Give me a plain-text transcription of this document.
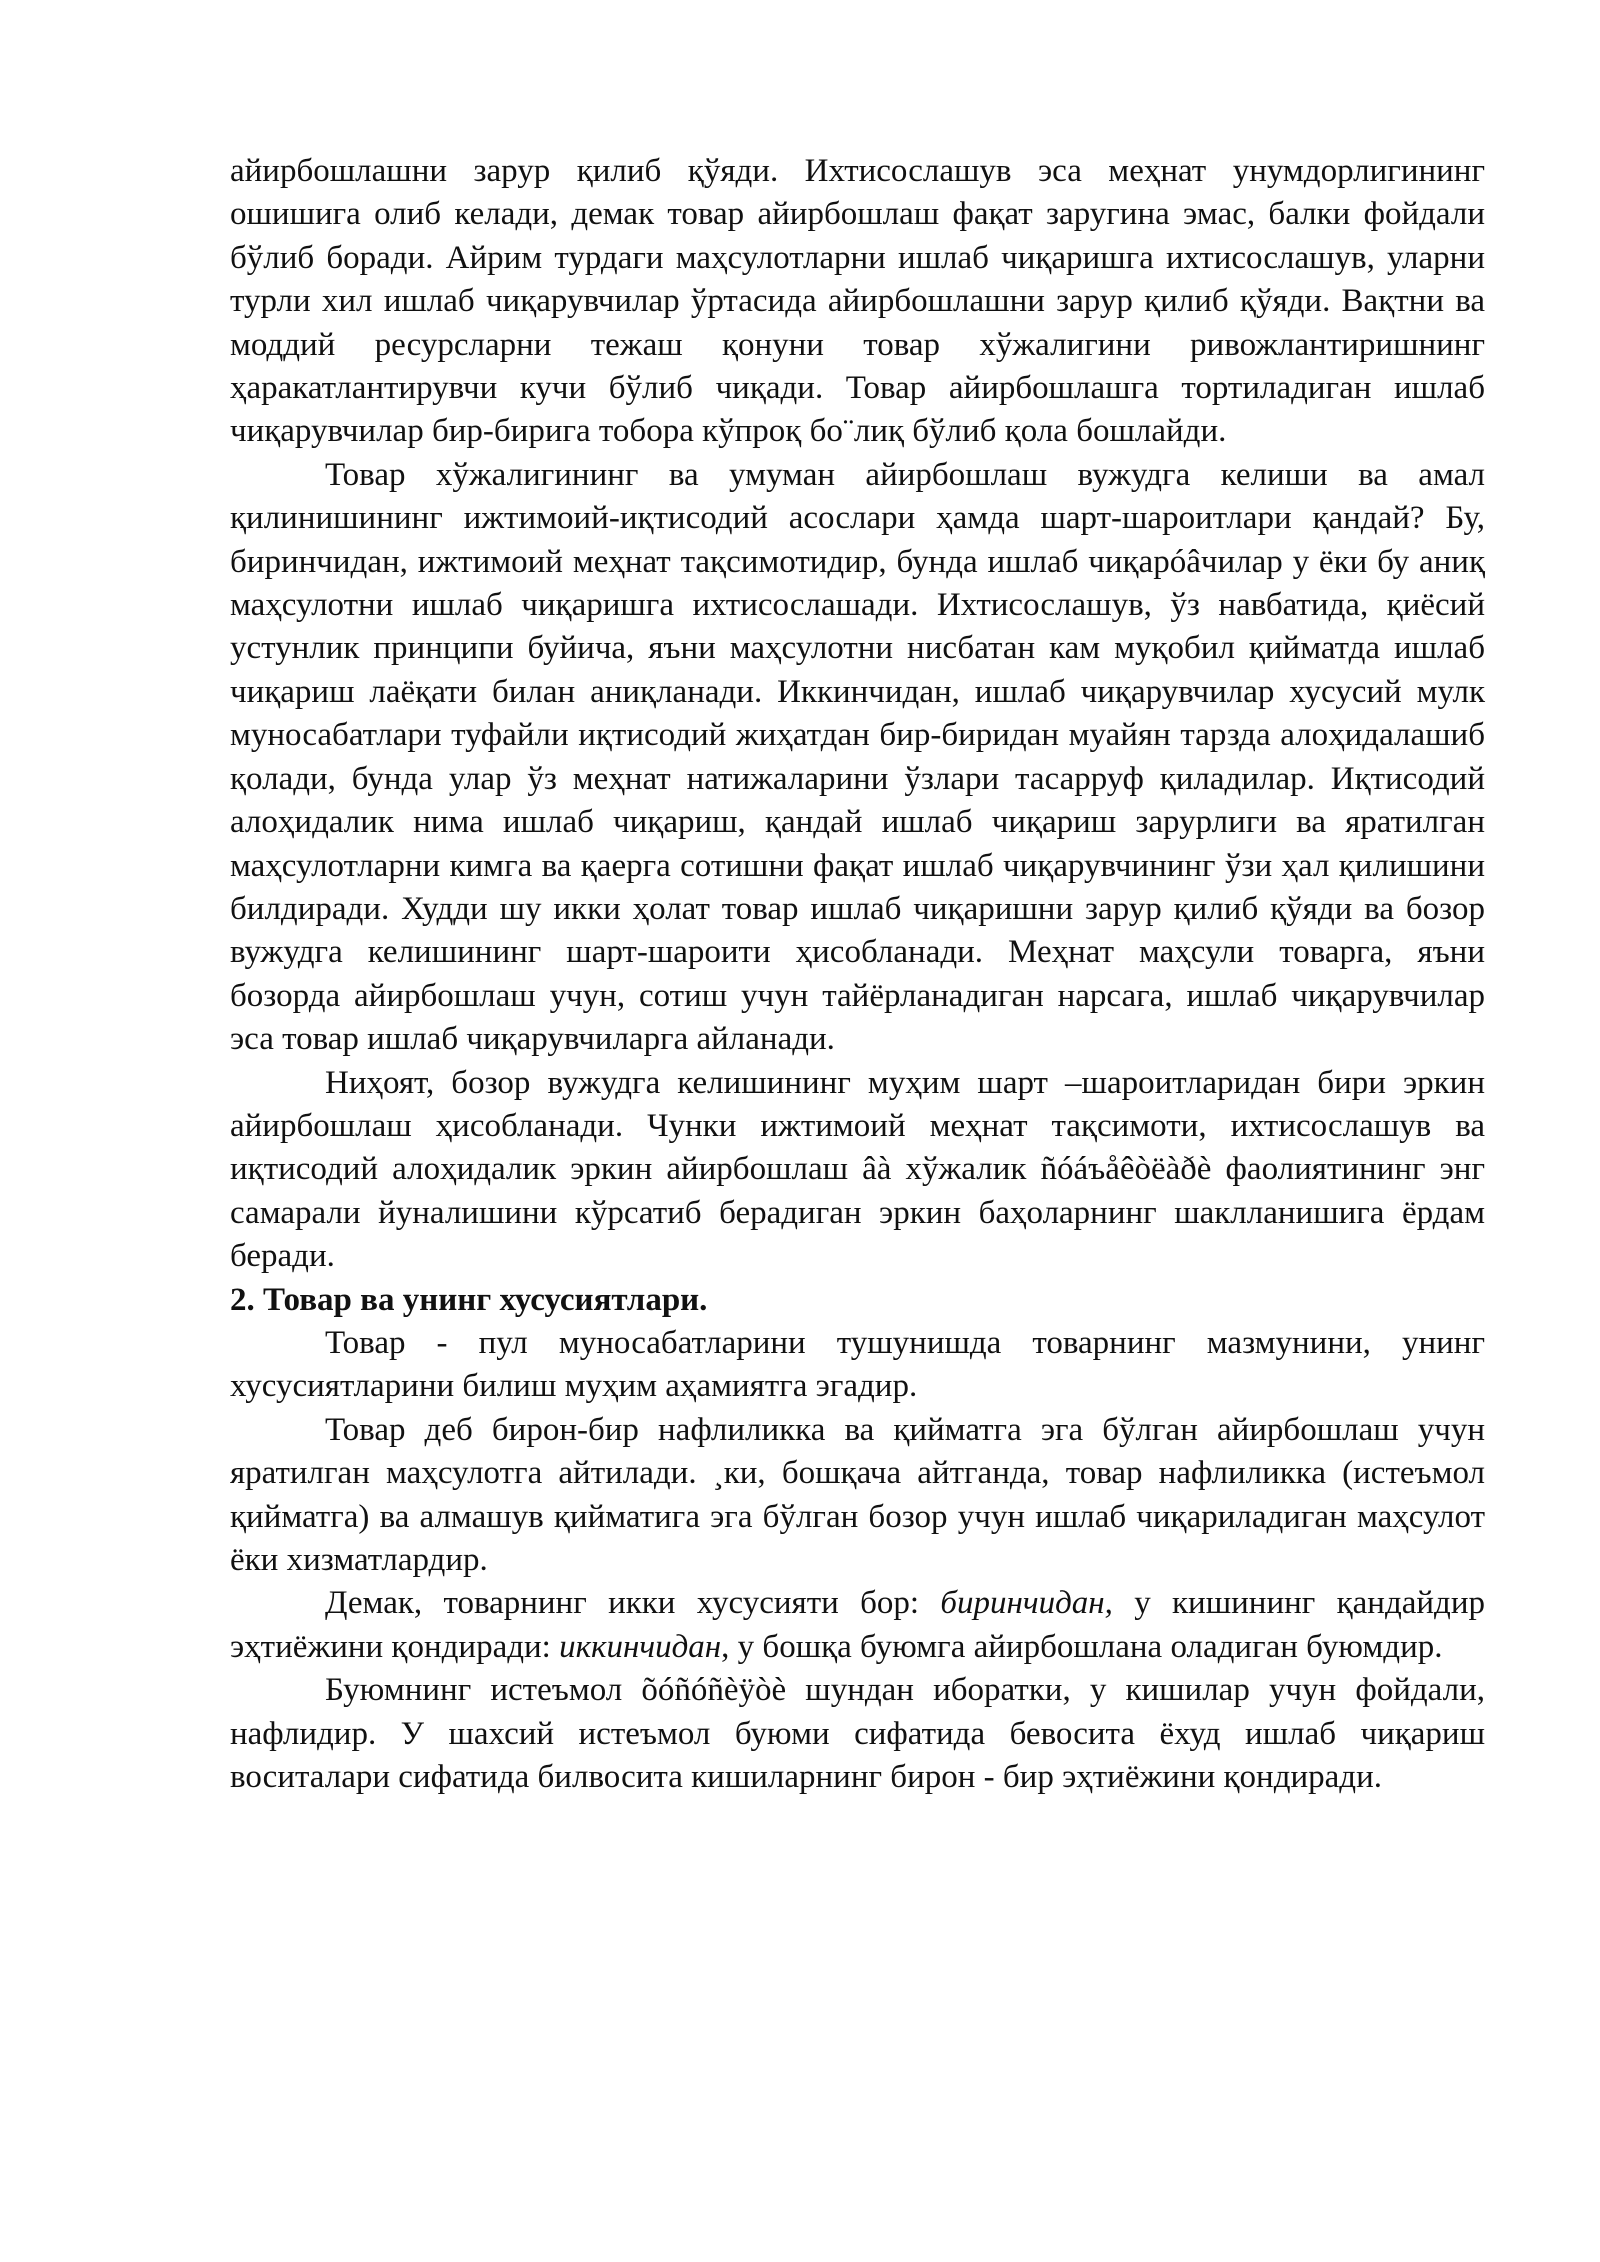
айирбошлашни зарур қилиб қўяди. Ихтисослашув эса меҳнат унумдорлигининг ошишига олиб келади, демак товар айирбошлаш фақат заругина эмас, балки фойдали бўлиб боради. Айрим турдаги маҳсулотларни ишлаб чиқаришга ихтисослашув, уларни турли хил ишлаб чиқарувчилар ўртасида айирбошлашни зарур қилиб қўяди. Вақтни ва моддий ресурсларни тежаш қонуни товар хўжалигини ривожлантиришнинг ҳаракатлантирувчи кучи бўлиб чиқади. Товар айирбошлашга тортиладиган ишлаб чиқарувчилар бир-бирига тобора кўпроқ бо¨лиқ бўлиб қола бошлайди.

Товар хўжалигининг ва умуман айирбошлаш вужудга келиши ва амал қилинишининг ижтимоий-иқтисодий асослари ҳамда шарт-шароитлари қандай? Бу, биринчидан, ижтимоий меҳнат тақсимотидир, бунда ишлаб чиқарóâчилар у ёки бу аниқ маҳсулотни ишлаб чиқаришга ихтисослашади. Ихтисослашув, ўз навбатида, қиёсий устунлик принципи буйича, яъни маҳсулотни нисбатан кам муқобил қийматда ишлаб чиқариш лаёқати билан аниқланади. Иккинчидан, ишлаб чиқарувчилар хусусий мулк муносабатлари туфайли иқтисодий жиҳатдан бир-биридан муайян тарзда алоҳидалашиб қолади, бунда улар ўз меҳнат натижаларини ўзлари тасарруф қиладилар. Иқтисодий алоҳидалик нима ишлаб чиқариш, қандай ишлаб чиқариш зарурлиги ва яратилган маҳсулотларни кимга ва қаерга сотишни фақат ишлаб чиқарувчининг ўзи ҳал қилишини билдиради. Худди шу икки ҳолат товар ишлаб чиқаришни зарур қилиб қўяди ва бозор вужудга келишининг шарт-шароити ҳисобланади. Меҳнат маҳсули товарга, яъни бозорда айирбошлаш учун, сотиш учун тайёрланадиган нарсага, ишлаб чиқарувчилар эса товар ишлаб чиқарувчиларга айланади.

Ниҳоят, бозор вужудга келишининг муҳим шарт –шароитларидан бири эркин айирбошлаш ҳисобланади. Чунки ижтимоий меҳнат тақсимоти, ихтисослашув ва иқтисодий алоҳидалик эркин айирбошлаш âà хўжалик ñóáъåêòëàðè фаолиятининг энг самарали йуналишини кўрсатиб берадиган эркин баҳоларнинг шаклланишига ёрдам беради.

2. Товар ва унинг хусусиятлари.

Товар - пул муносабатларини тушунишда товарнинг мазмунини, унинг хусусиятларини билиш муҳим аҳамиятга эгадир.

Товар деб бирон-бир нафлиликка ва қийматга эга бўлган айирбошлаш учун яратилган маҳсулотга айтилади. ¸ки, бошқача айтганда, товар нафлиликка (истеъмол қийматга) ва алмашув қийматига эга бўлган бозор учун ишлаб чиқариладиган маҳсулот ёки хизматлардир.

Демак, товарнинг икки хусусияти бор: биринчидан, у кишининг қандайдир эҳтиёжини қондиради: иккинчидан, у бошқа буюмга айирбошлана оладиган буюмдир.

Буюмнинг истеъмол õóñóñèÿòè шундан иборатки, у кишилар учун фойдали, нафлидир. У шахсий истеъмол буюми сифатида бевосита ёхуд ишлаб чиқариш воситалари сифатида билвосита кишиларнинг бирон - бир эҳтиёжини қондиради.
